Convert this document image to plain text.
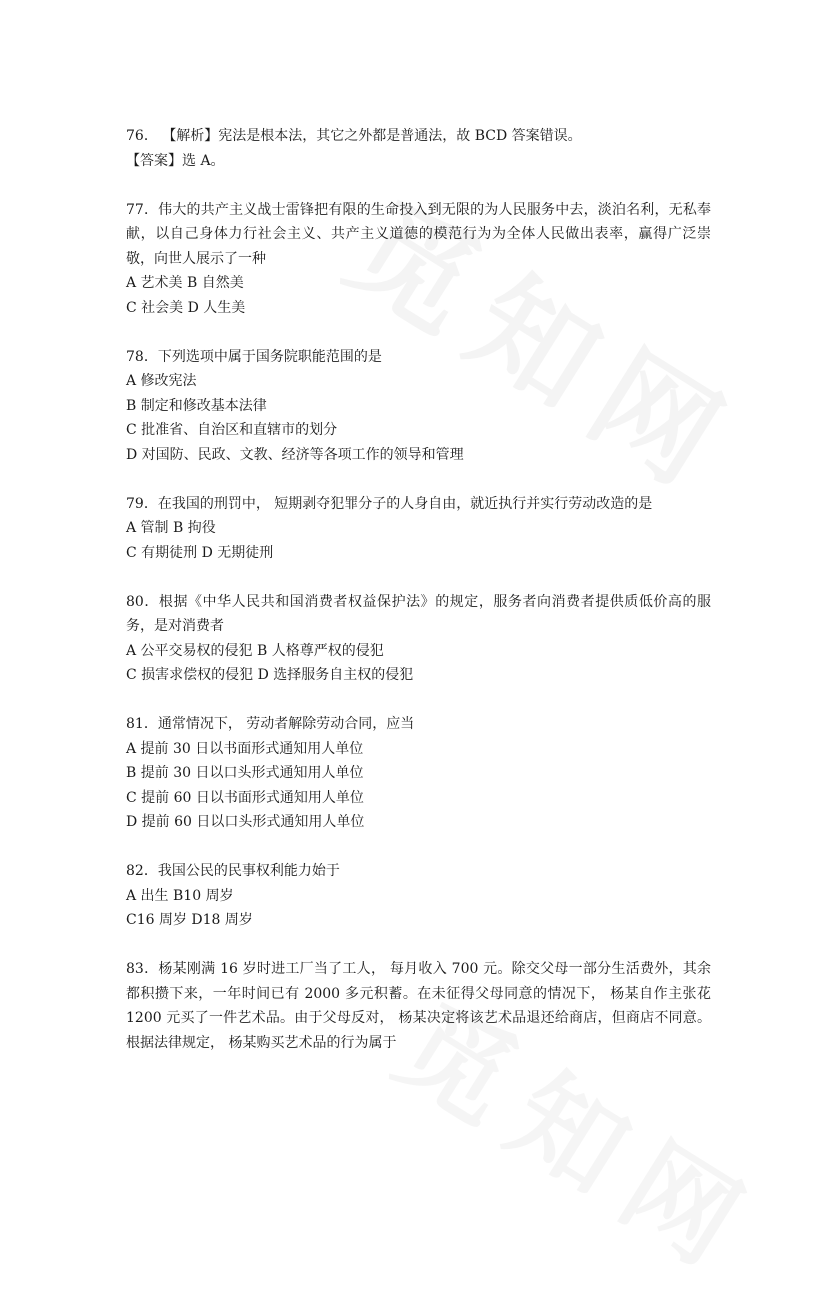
76． 【解析】宪法是根本法，其它之外都是普通法，故 BCD 答案错误。
【答案】选 A。
77．伟大的共产主义战士雷锋把有限的生命投入到无限的为人民服务中去，淡泊名利，无私奉献，以自己身体力行社会主义、共产主义道德的模范行为为全体人民做出表率，赢得广泛崇敬，向世人展示了一种
A 艺术美 B 自然美
C 社会美 D 人生美
78．下列选项中属于国务院职能范围的是
A 修改宪法
B 制定和修改基本法律
C 批准省、自治区和直辖市的划分
D 对国防、民政、文教、经济等各项工作的领导和管理
79．在我国的刑罚中， 短期剥夺犯罪分子的人身自由，就近执行并实行劳动改造的是
A 管制 B 拘役
C 有期徒刑 D 无期徒刑
80．根据《中华人民共和国消费者权益保护法》的规定，服务者向消费者提供质低价高的服务，是对消费者
A 公平交易权的侵犯 B 人格尊严权的侵犯
C 损害求偿权的侵犯 D 选择服务自主权的侵犯
81．通常情况下， 劳动者解除劳动合同，应当
A 提前 30 日以书面形式通知用人单位
B 提前 30 日以口头形式通知用人单位
C 提前 60 日以书面形式通知用人单位
D 提前 60 日以口头形式通知用人单位
82．我国公民的民事权利能力始于
A 出生 B10 周岁
C16 周岁 D18 周岁
83．杨某刚满 16 岁时进工厂当了工人， 每月收入 700 元。除交父母一部分生活费外，其余都积攒下来，一年时间已有 2000 多元积蓄。在未征得父母同意的情况下， 杨某自作主张花 1200 元买了一件艺术品。由于父母反对， 杨某决定将该艺术品退还给商店，但商店不同意。根据法律规定， 杨某购买艺术品的行为属于
